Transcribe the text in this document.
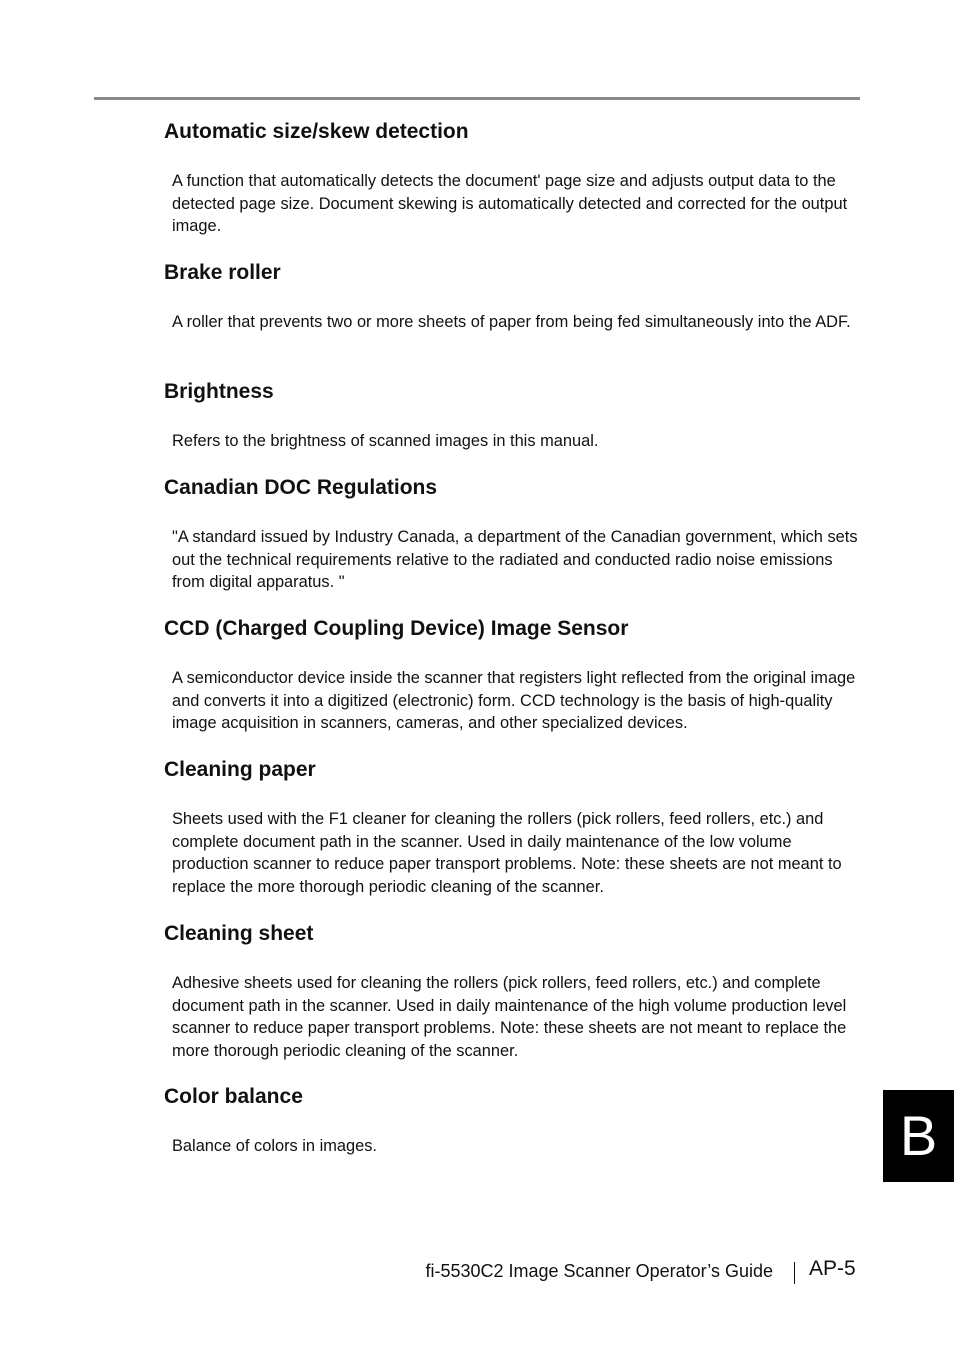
Automatic size/skew detection

A function that automatically detects the document' page size and adjusts output data to the detected page size. Document skewing is automatically detected and corrected for the output image.

Brake roller

A roller that prevents two or more sheets of paper from being fed simultaneously into the ADF.

Brightness

Refers to the brightness of scanned images in this manual.

Canadian DOC Regulations

"A standard issued by Industry Canada, a department of the Canadian government, which sets out the technical requirements relative to the radiated and conducted radio noise emissions from digital apparatus. "

CCD (Charged Coupling Device) Image Sensor

A semiconductor device inside the scanner that registers light reflected from the original image and converts it into a digitized (electronic) form. CCD technology is the basis of high-quality image acquisition in scanners, cameras, and other specialized devices.

Cleaning paper

Sheets used with the F1 cleaner for cleaning the rollers (pick rollers, feed rollers, etc.) and complete document path in the scanner. Used in daily maintenance of the low volume production scanner to reduce paper transport problems. Note: these sheets are not meant to replace the more thorough periodic cleaning of the scanner.

Cleaning sheet

Adhesive sheets used for cleaning the rollers (pick rollers, feed rollers, etc.) and complete document path in the scanner. Used in daily maintenance of the high volume production level scanner to reduce paper transport problems. Note: these sheets are not meant to replace the more thorough periodic cleaning of the scanner.

Color balance

Balance of colors in images.	B
fi-5530C2 Image Scanner Operator’s Guide AP-5
